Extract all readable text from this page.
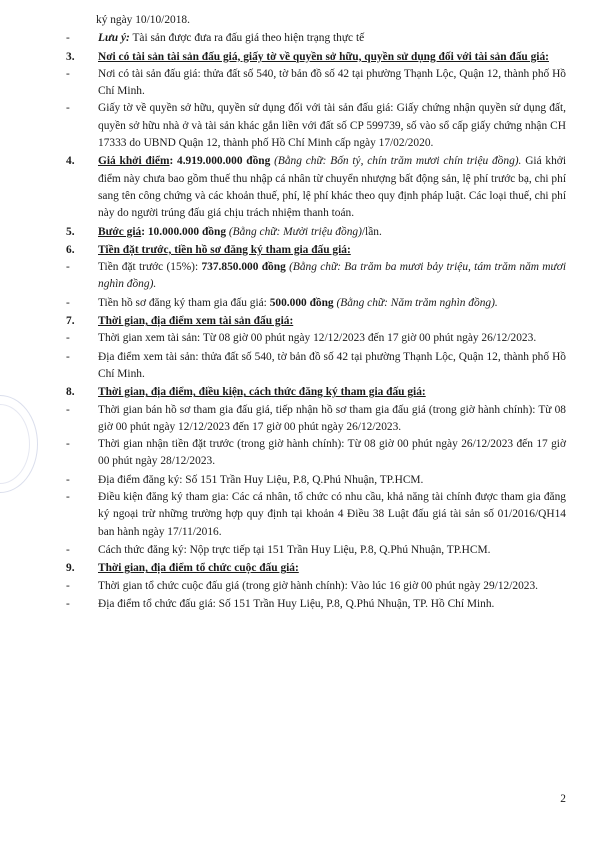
ký ngày 10/10/2018.

-	Lưu ý: Tài sản được đưa ra đấu giá theo hiện trạng thực tế

3.	Nơi có tài sản tài sản đấu giá, giấy tờ về quyền sở hữu, quyền sử dụng đối với tài sản đấu giá:

-	Nơi có tài sản đấu giá: thửa đất số 540, tờ bản đồ số 42 tại phường Thạnh Lộc, Quận 12, thành phố Hồ Chí Minh.

-	Giấy tờ về quyền sở hữu, quyền sử dụng đối với tài sản đấu giá: Giấy chứng nhận quyền sử dụng đất, quyền sở hữu nhà ở và tài sản khác gắn liền với đất số CP 599739, số vào sổ cấp giấy chứng nhận CH 17333 do UBND Quận 12, thành phố Hồ Chí Minh cấp ngày 17/02/2020.

4.	Giá khởi điểm: 4.919.000.000 đồng (Bằng chữ: Bốn tỷ, chín trăm mươi chín triệu đồng). Giá khởi điểm này chưa bao gồm thuế thu nhập cá nhân từ chuyển nhượng bất động sản, lệ phí trước bạ, chi phí sang tên công chứng và các khoản thuế, phí, lệ phí khác theo quy định pháp luật. Các loại thuế, chi phí này do người trúng đấu giá chịu trách nhiệm thanh toán.

5.	Bước giá: 10.000.000 đồng (Bằng chữ: Mười triệu đồng)/lần.

6.	Tiền đặt trước, tiền hồ sơ đăng ký tham gia đấu giá:

-	Tiền đặt trước (15%): 737.850.000 đồng (Bằng chữ: Ba trăm ba mươi bảy triệu, tám trăm năm mươi nghìn đồng).

-	Tiền hồ sơ đăng ký tham gia đấu giá: 500.000 đồng (Bằng chữ: Năm trăm nghìn đồng).

7.	Thời gian, địa điểm xem tài sản đấu giá:

-	Thời gian xem tài sản: Từ 08 giờ 00 phút ngày 12/12/2023 đến 17 giờ 00 phút ngày 26/12/2023.

-	Địa điểm xem tài sản: thửa đất số 540, tờ bản đồ số 42 tại phường Thạnh Lộc, Quận 12, thành phố Hồ Chí Minh.

8.	Thời gian, địa điểm, điều kiện, cách thức đăng ký tham gia đấu giá:

-	Thời gian bán hồ sơ tham gia đấu giá, tiếp nhận hồ sơ tham gia đấu giá (trong giờ hành chính): Từ 08 giờ 00 phút ngày 12/12/2023 đến 17 giờ 00 phút ngày 26/12/2023.

-	Thời gian nhận tiền đặt trước (trong giờ hành chính): Từ 08 giờ 00 phút ngày 26/12/2023 đến 17 giờ 00 phút ngày 28/12/2023.

-	Địa điểm đăng ký: Số 151 Trần Huy Liệu, P.8, Q.Phú Nhuận, TP.HCM.

-	Điều kiện đăng ký tham gia: Các cá nhân, tổ chức có nhu cầu, khả năng tài chính được tham gia đăng ký ngoại trừ những trường hợp quy định tại khoản 4 Điều 38 Luật đấu giá tài sản số 01/2016/QH14 ban hành ngày 17/11/2016.

-	Cách thức đăng ký: Nộp trực tiếp tại 151 Trần Huy Liệu, P.8, Q.Phú Nhuận, TP.HCM.

9.	Thời gian, địa điểm tổ chức cuộc đấu giá:

-	Thời gian tổ chức cuộc đấu giá (trong giờ hành chính): Vào lúc 16 giờ 00 phút ngày 29/12/2023.

-	Địa điểm tổ chức đấu giá: Số 151 Trần Huy Liệu, P.8, Q.Phú Nhuận, TP. Hồ Chí Minh.

2
